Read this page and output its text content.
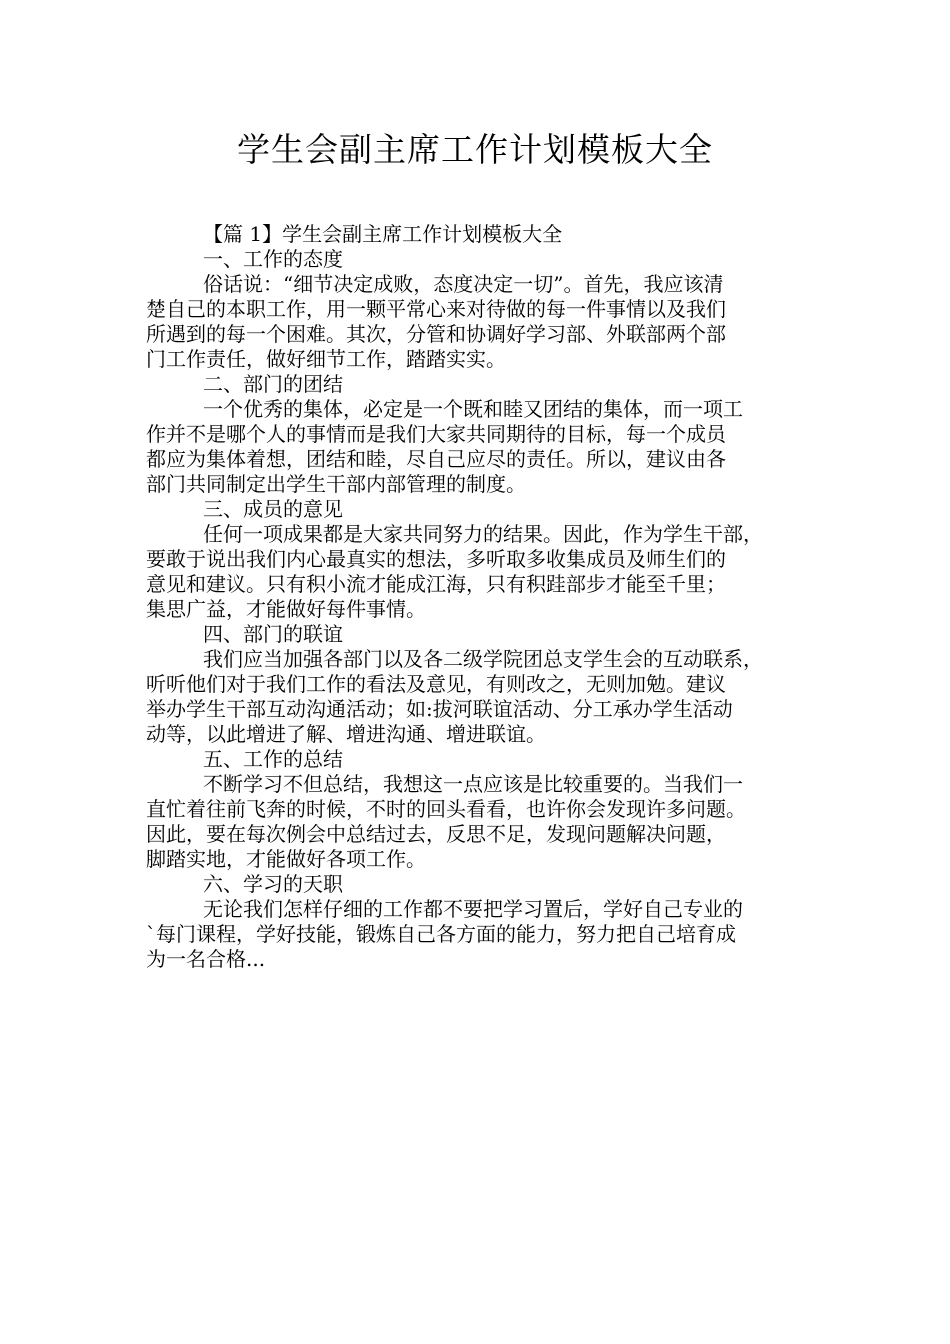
学生会副主席工作计划模板大全
【篇 1】学生会副主席工作计划模板大全
一、工作的态度
俗话说：“细节决定成败，态度决定一切”。首先，我应该清
楚自己的本职工作，用一颗平常心来对待做的每一件事情以及我们
所遇到的每一个困难。其次，分管和协调好学习部、外联部两个部
门工作责任，做好细节工作，踏踏实实。
二、部门的团结
一个优秀的集体，必定是一个既和睦又团结的集体，而一项工
作并不是哪个人的事情而是我们大家共同期待的目标，每一个成员
都应为集体着想，团结和睦，尽自己应尽的责任。所以，建议由各
部门共同制定出学生干部内部管理的制度。
三、成员的意见
任何一项成果都是大家共同努力的结果。因此，作为学生干部，
要敢于说出我们内心最真实的想法，多听取多收集成员及师生们的
意见和建议。只有积小流才能成江海，只有积跬部步才能至千里；
集思广益，才能做好每件事情。
四、部门的联谊
我们应当加强各部门以及各二级学院团总支学生会的互动联系，
听听他们对于我们工作的看法及意见，有则改之，无则加勉。建议
举办学生干部互动沟通活动；如:拔河联谊活动、分工承办学生活动
动等，以此增进了解、增进沟通、增进联谊。
五、工作的总结
不断学习不但总结，我想这一点应该是比较重要的。当我们一
直忙着往前飞奔的时候，不时的回头看看，也许你会发现许多问题。
因此，要在每次例会中总结过去，反思不足，发现问题解决问题，
脚踏实地，才能做好各项工作。
六、学习的天职
无论我们怎样仔细的工作都不要把学习置后，学好自己专业的
`每门课程，学好技能，锻炼自己各方面的能力，努力把自己培育成
为一名合格...
